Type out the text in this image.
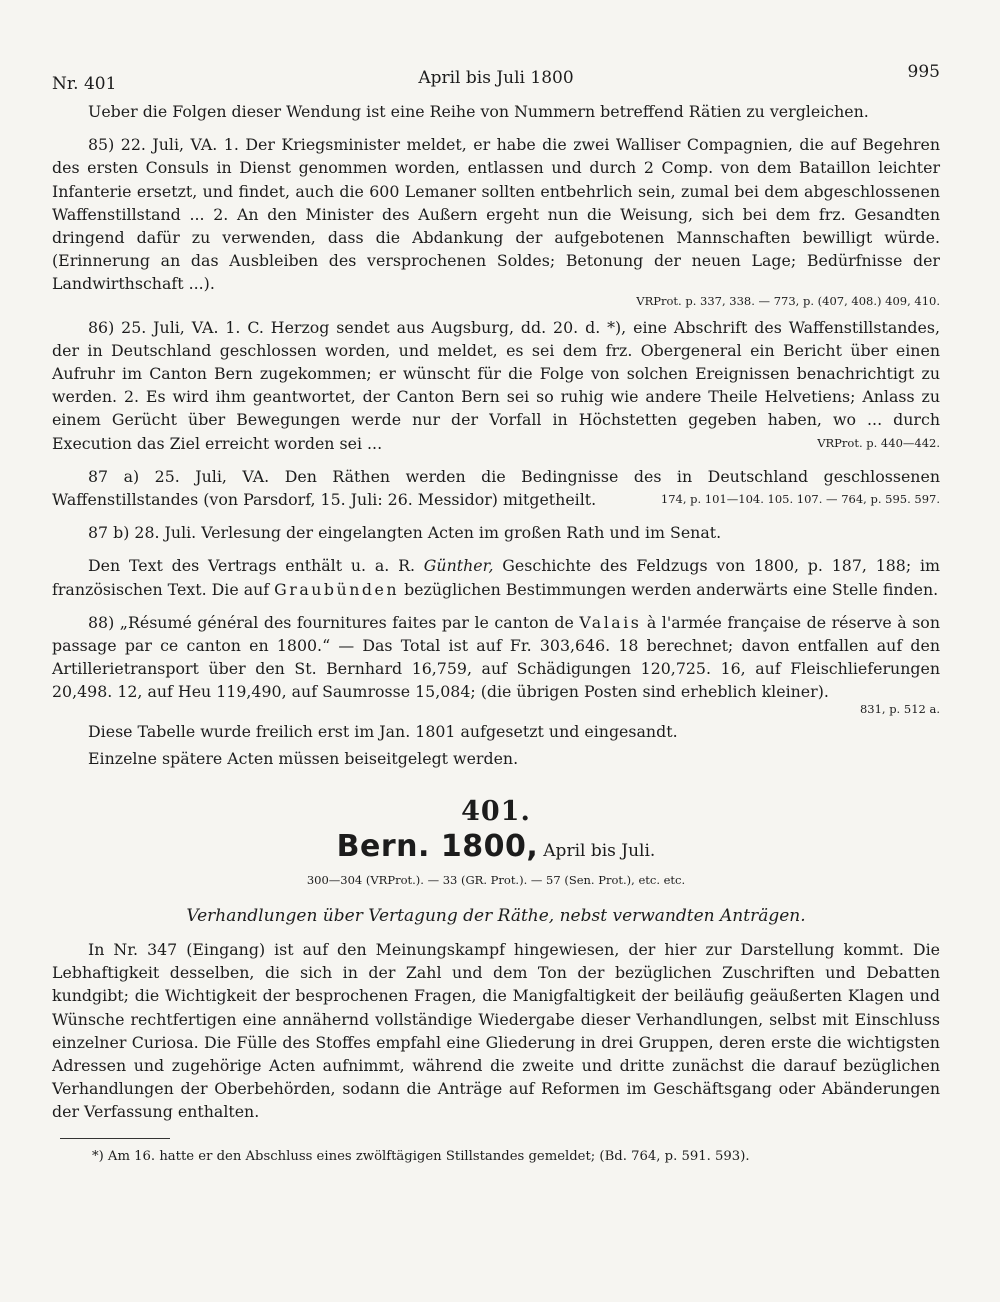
Nr. 401	April bis Juli 1800	995

Ueber die Folgen dieser Wendung ist eine Reihe von Nummern betreffend Rätien zu vergleichen.

85) 22. Juli, VA. 1. Der Kriegsminister meldet, er habe die zwei Walliser Compagnien, die auf Begehren des ersten Consuls in Dienst genommen worden, entlassen und durch 2 Comp. von dem Bataillon leichter Infanterie ersetzt, und findet, auch die 600 Lemaner sollten entbehrlich sein, zumal bei dem abgeschlossenen Waffenstillstand ... 2. An den Minister des Außern ergeht nun die Weisung, sich bei dem frz. Gesandten dringend dafür zu verwenden, dass die Abdankung der aufgebotenen Mannschaften bewilligt würde. (Erinnerung an das Ausbleiben des versprochenen Soldes; Betonung der neuen Lage; Bedürfnisse der Landwirthschaft ...).

VRProt. p. 337, 338. — 773, p. (407, 408.) 409, 410.

86) 25. Juli, VA. 1. C. Herzog sendet aus Augsburg, dd. 20. d. *), eine Abschrift des Waffenstillstandes, der in Deutschland geschlossen worden, und meldet, es sei dem frz. Obergeneral ein Bericht über einen Aufruhr im Canton Bern zugekommen; er wünscht für die Folge von solchen Ereignissen benachrichtigt zu werden. 2. Es wird ihm geantwortet, der Canton Bern sei so ruhig wie andere Theile Helvetiens; Anlass zu einem Gerücht über Bewegungen werde nur der Vorfall in Höchstetten gegeben haben, wo ... durch Execution das Ziel erreicht worden sei ...	VRProt. p. 440—442.

87 a) 25. Juli, VA. Den Räthen werden die Bedingnisse des in Deutschland geschlossenen Waffenstillstandes (von Parsdorf, 15. Juli: 26. Messidor) mitgetheilt.	174, p. 101—104. 105. 107. — 764, p. 595. 597.

87 b) 28. Juli. Verlesung der eingelangten Acten im großen Rath und im Senat.

Den Text des Vertrags enthält u. a. R. Günther, Geschichte des Feldzugs von 1800, p. 187, 188; im französischen Text. Die auf Graubünden bezüglichen Bestimmungen werden anderwärts eine Stelle finden.

88) „Résumé général des fournitures faites par le canton de Valais à l'armée française de réserve à son passage par ce canton en 1800.“ — Das Total ist auf Fr. 303,646. 18 berechnet; davon entfallen auf den Artillerietransport über den St. Bernhard 16,759, auf Schädigungen 120,725. 16, auf Fleischlieferungen 20,498. 12, auf Heu 119,490, auf Saumrosse 15,084; (die übrigen Posten sind erheblich kleiner).

831, p. 512 a.

Diese Tabelle wurde freilich erst im Jan. 1801 aufgesetzt und eingesandt.

Einzelne spätere Acten müssen beiseitgelegt werden.

401.
Bern. 1800, April bis Juli.
300—304 (VRProt.). — 33 (GR. Prot.). — 57 (Sen. Prot.), etc. etc.
Verhandlungen über Vertagung der Räthe, nebst verwandten Anträgen.

In Nr. 347 (Eingang) ist auf den Meinungskampf hingewiesen, der hier zur Darstellung kommt. Die Lebhaftigkeit desselben, die sich in der Zahl und dem Ton der bezüglichen Zuschriften und Debatten kundgibt; die Wichtigkeit der besprochenen Fragen, die Manigfaltigkeit der beiläufig geäußerten Klagen und Wünsche rechtfertigen eine annähernd vollständige Wiedergabe dieser Verhandlungen, selbst mit Einschluss einzelner Curiosa. Die Fülle des Stoffes empfahl eine Gliederung in drei Gruppen, deren erste die wichtigsten Adressen und zugehörige Acten aufnimmt, während die zweite und dritte zunächst die darauf bezüglichen Verhandlungen der Oberbehörden, sodann die Anträge auf Reformen im Geschäftsgang oder Abänderungen der Verfassung enthalten.

*) Am 16. hatte er den Abschluss eines zwölftägigen Stillstandes gemeldet; (Bd. 764, p. 591. 593).
